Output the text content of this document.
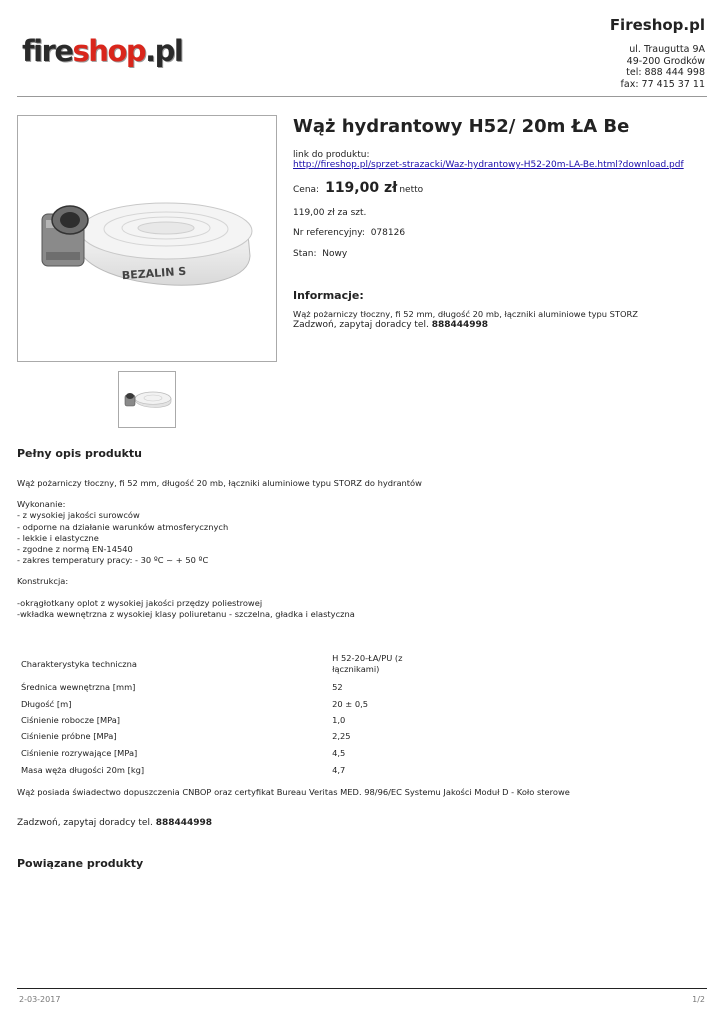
fireshop.pl
Fireshop.pl
ul. Traugutta 9A
49-200 Grodków
tel: 888 444 998
fax: 77 415 37 11
BEZALIN S
Wąż hydrantowy H52/ 20m ŁA Be
link do produktu:
http://fireshop.pl/sprzet-strazacki/Waz-hydrantowy-H52-20m-LA-Be.html?download.pdf
Cena: 119,00 zł netto
119,00 zł za szt.
Nr referencyjny: 078126
Stan: Nowy
Informacje:
Wąż pożarniczy tłoczny, fi 52 mm, długość 20 mb, łączniki aluminiowe typu STORZ
Zadzwoń, zapytaj doradcy tel. 888444998
Pełny opis produktu
Wąż pożarniczy tłoczny, fi 52 mm, długość 20 mb, łączniki aluminiowe typu STORZ do hydrantów
Wykonanie:
- z wysokiej jakości surowców
- odporne na działanie warunków atmosferycznych
- lekkie i elastyczne
- zgodne z normą EN-14540
- zakres temperatury pracy: - 30 ºC ~ + 50 ºC
Konstrukcja:
-okrągłotkany oplot z wysokiej jakości przędzy poliestrowej
-wkładka wewnętrzna z wysokiej klasy poliuretanu - szczelna, gładka i elastyczna
Charakterystyka techniczna	H 52-20-ŁA/PU (z łącznikami)
Średnica wewnętrzna [mm]	52
Długość [m]	20 ± 0,5
Ciśnienie robocze [MPa]	1,0
Ciśnienie próbne [MPa]	2,25
Ciśnienie rozrywające [MPa]	4,5
Masa węża długości 20m [kg]	4,7
Wąż posiada świadectwo dopuszczenia CNBOP oraz certyfikat Bureau Veritas MED. 98/96/EC Systemu Jakości Moduł D - Koło sterowe
Zadzwoń, zapytaj doradcy tel. 888444998
Powiązane produkty
2-03-2017	1/2
